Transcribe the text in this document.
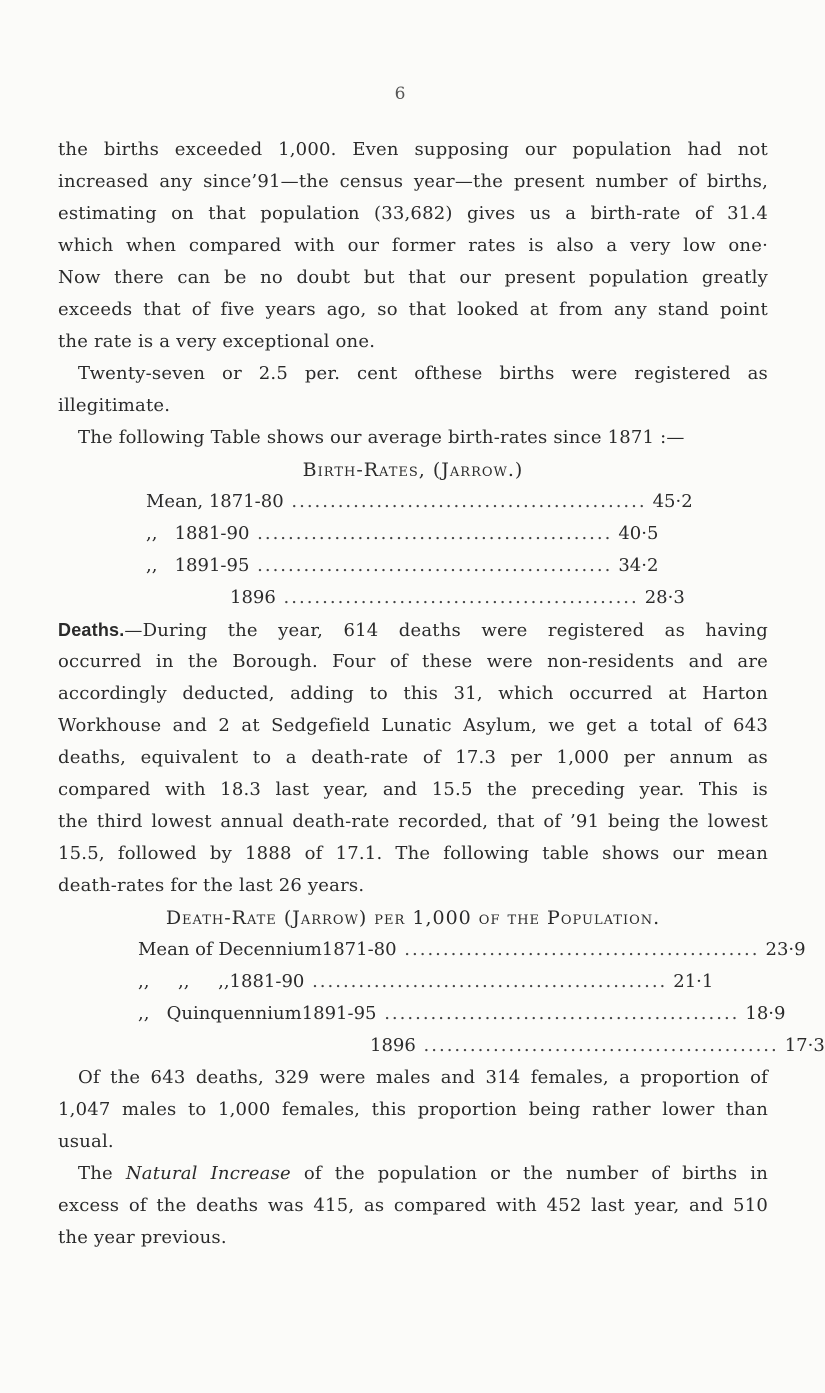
6
the births exceeded 1,000. Even supposing our population had not
increased any since’91—the census year—the present number of births,
estimating on that population (33,682) gives us a birth-rate of 31.4
which when compared with our former rates is also a very low one·
Now there can be no doubt but that our present population greatly
exceeds that of five years ago, so that looked at from any stand point
the rate is a very exceptional one.
Twenty-seven or 2.5 per. cent ofthese births were registered as
illegitimate.
The following Table shows our average birth-rates since 1871 :—
Birth-Rates, (Jarrow.)
Mean, 1871-80 .............................................. 45·2
,,   1881-90 .............................................. 40·5
,,   1891-95 .............................................. 34·2
1896 .............................................. 28·3
Deaths.—During the year, 614 deaths were registered as having
occurred in the Borough. Four of these were non-residents and are
accordingly deducted, adding to this 31, which occurred at Harton
Workhouse and 2 at Sedgefield Lunatic Asylum, we get a total of 643
deaths, equivalent to a death-rate of 17.3 per 1,000 per annum as
compared with 18.3 last year, and 15.5 the preceding year. This is
the third lowest annual death-rate recorded, that of ’91 being the lowest
15.5, followed by 1888 of 17.1. The following table shows our mean
death-rates for the last 26 years.
Death-Rate (Jarrow) per 1,000 of the Population.
Mean of Decennium 1871-80 .............................................. 23·9
,,     ,,     ,, 1881-90 .............................................. 21·1
,,   Quinquennium 1891-95 .............................................. 18·9
1896 .............................................. 17·3
Of the 643 deaths, 329 were males and 314 females, a proportion of
1,047 males to 1,000 females, this proportion being rather lower than
usual.
The Natural Increase of the population or the number of births in
excess of the deaths was 415, as compared with 452 last year, and 510
the year previous.
